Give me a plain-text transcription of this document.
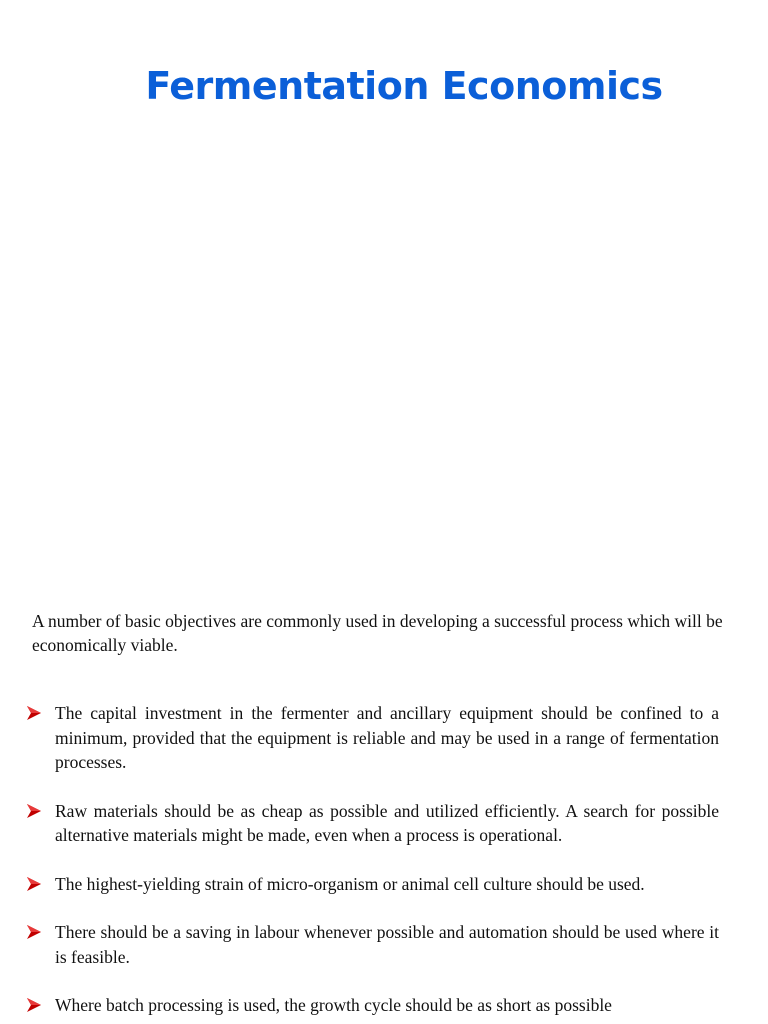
Fermentation Economics
A number of basic objectives are commonly used in developing a successful process which will be economically viable.
The capital investment in the fermenter and ancillary equipment should be confined to a minimum, provided that the equipment is reliable and may be used in a range of fermentation processes.
Raw materials should be as cheap as possible and utilized efficiently. A search for possible alternative materials might be made, even when a process is operational.
The highest-yielding strain of micro-organism or animal cell culture should be used.
There should be a saving in labour whenever possible and automation should be used where it is feasible.
Where batch processing is used, the growth cycle should be as short as possible
